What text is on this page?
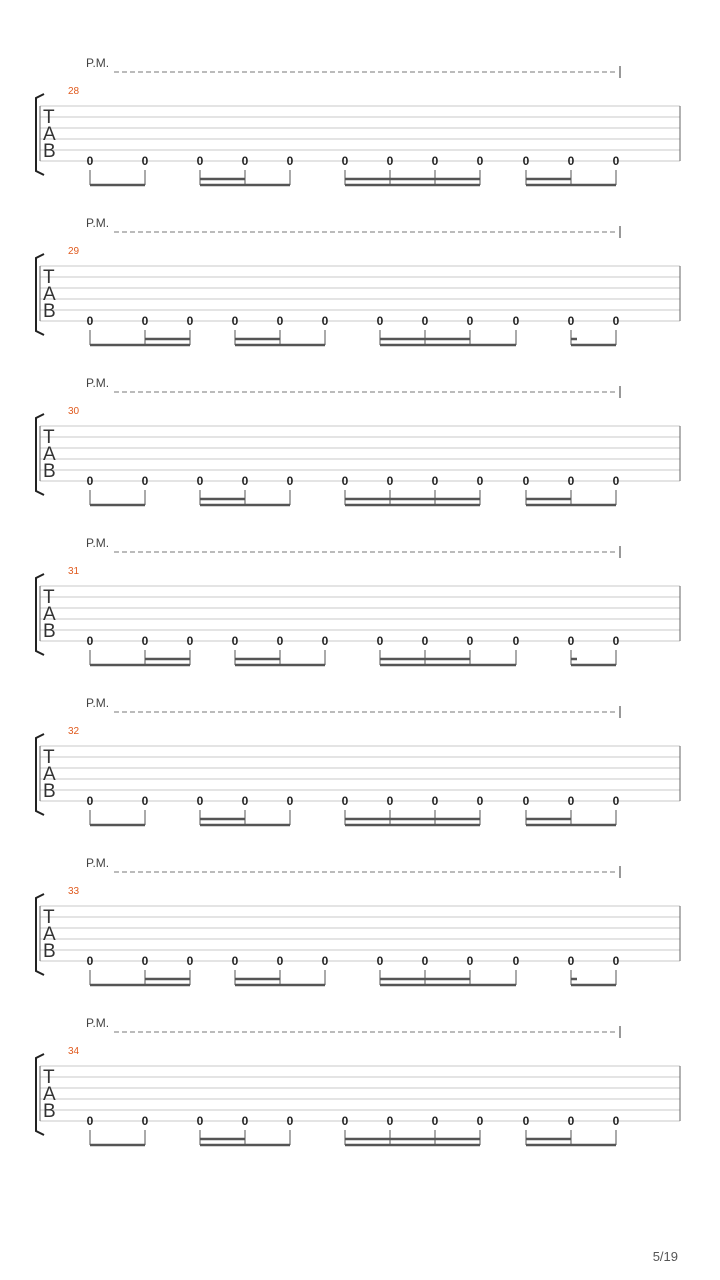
P.M.
28
T
A
B	0	0	0	0	0	0	0	0	0	0	0	0
P.M.
29
T
A
B	0	0	0	0	0	0	0	0	0	0	0	0
P.M.
30
T
A
B	0	0	0	0	0	0	0	0	0	0	0	0
P.M.
31
T
A
B	0	0	0	0	0	0	0	0	0	0	0	0
P.M.
32
T
A
B	0	0	0	0	0	0	0	0	0	0	0	0
P.M.
33
T
A
B	0	0	0	0	0	0	0	0	0	0	0	0
P.M.
34
T
A
B	0	0	0	0	0	0	0	0	0	0	0	0
5/19
